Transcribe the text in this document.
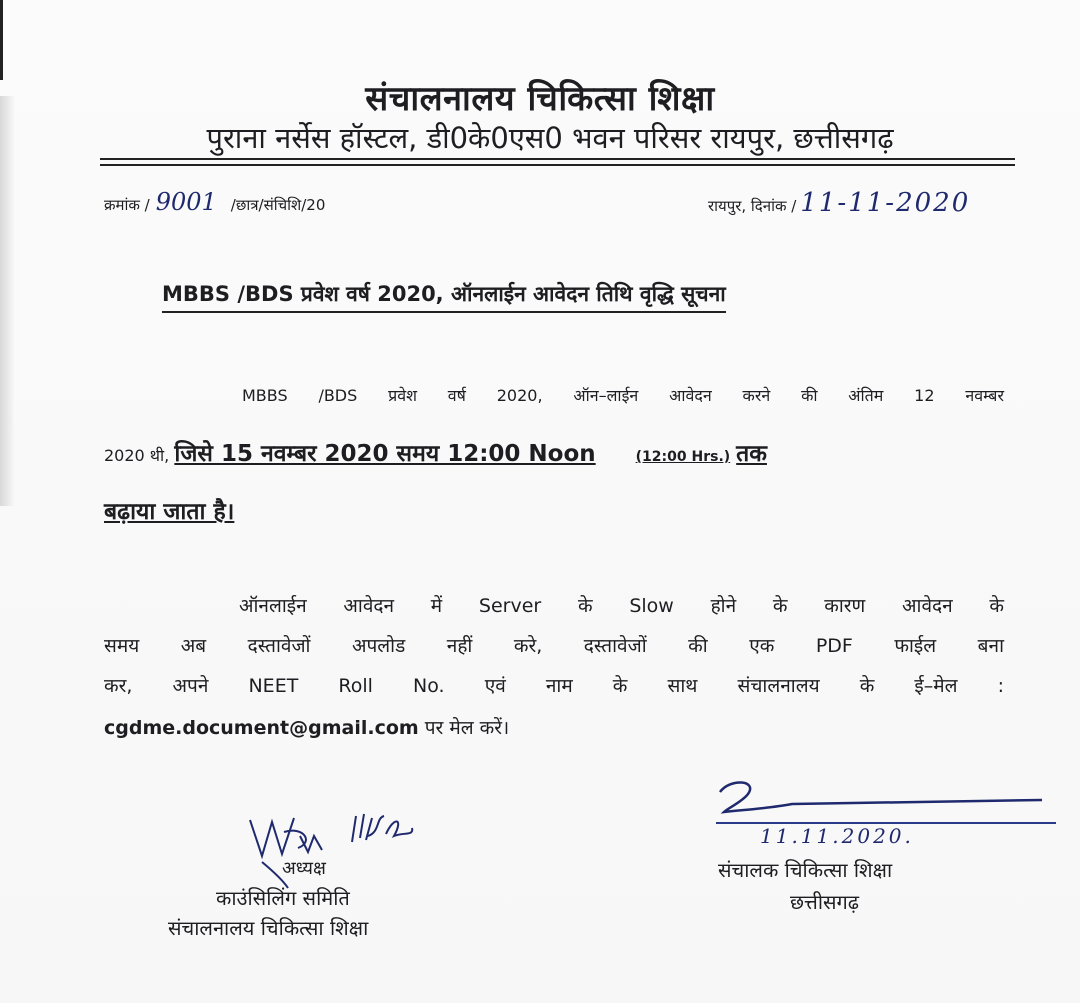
संचालनालय चिकित्सा शिक्षा
पुराना नर्सेस हॉस्टल, डी0के0एस0 भवन परिसर रायपुर, छत्तीसगढ़
क्रमांक / 9001 /छात्र/संचिशि/20	रायपुर, दिनांक / 11-11-2020
MBBS /BDS प्रवेश वर्ष 2020, ऑनलाईन आवेदन तिथि वृद्धि सूचना
MBBS /BDS प्रवेश वर्ष 2020, ऑन–लाईन आवेदन करने की अंतिम 12 नवम्बर
2020 थी, जिसे 15 नवम्बर 2020 समय 12:00 Noon	(12:00 Hrs.) तक
बढ़ाया जाता है।
ऑनलाईन आवेदन में Server के Slow होने के कारण आवेदन के
समय अब दस्तावेजों अपलोड नहीं करे, दस्तावेजों की एक PDF फाईल बना
कर, अपने NEET Roll No. एवं नाम के साथ संचालनालय के ई–मेल :
cgdme.document@gmail.com पर मेल करें।
11.11.2020.
संचालक चिकित्सा शिक्षा
छत्तीसगढ़
अध्यक्ष
काउंसिलिंग समिति
संचालनालय चिकित्सा शिक्षा
